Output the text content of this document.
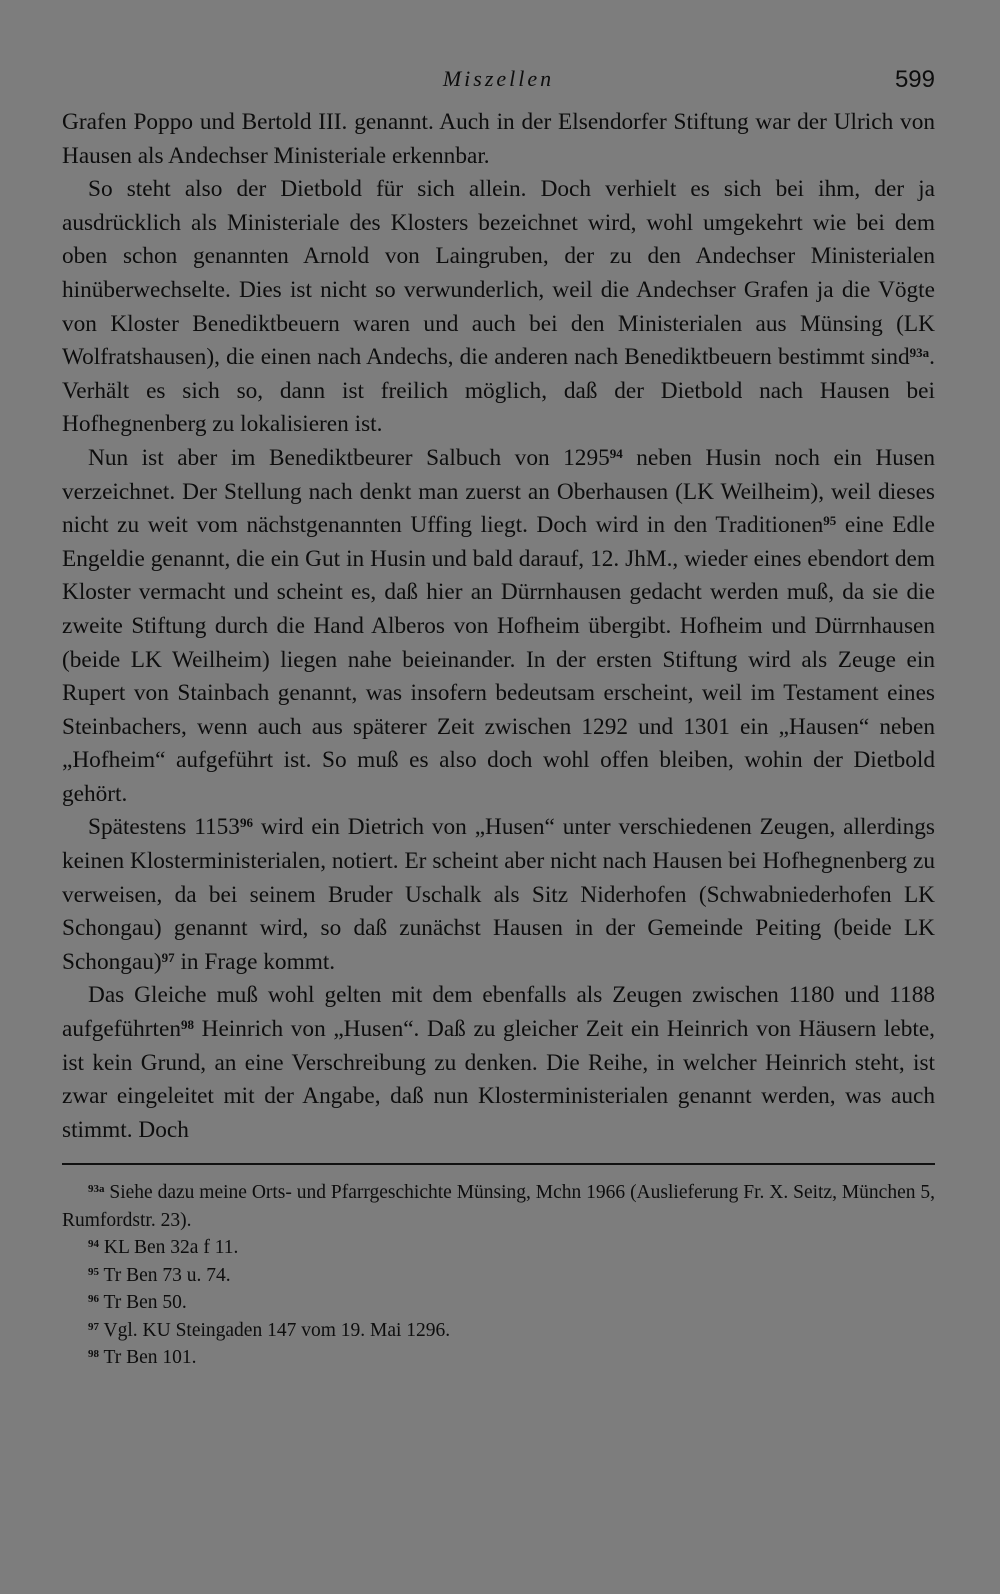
Miszellen	599

Grafen Poppo und Bertold III. genannt. Auch in der Elsendorfer Stiftung war der Ulrich von Hausen als Andechser Ministeriale erkennbar.

So steht also der Dietbold für sich allein. Doch verhielt es sich bei ihm, der ja ausdrücklich als Ministeriale des Klosters bezeichnet wird, wohl umgekehrt wie bei dem oben schon genannten Arnold von Laingruben, der zu den Andechser Ministerialen hinüberwechselte. Dies ist nicht so verwunderlich, weil die Andechser Grafen ja die Vögte von Kloster Benediktbeuern waren und auch bei den Ministerialen aus Münsing (LK Wolfratshausen), die einen nach Andechs, die anderen nach Benediktbeuern bestimmt sind$^{93a}$. Verhält es sich so, dann ist freilich möglich, daß der Dietbold nach Hausen bei Hofhegnenberg zu lokalisieren ist.

Nun ist aber im Benediktbeurer Salbuch von 1295$^{94}$ neben Husin noch ein Husen verzeichnet. Der Stellung nach denkt man zuerst an Oberhausen (LK Weilheim), weil dieses nicht zu weit vom nächstgenannten Uffing liegt. Doch wird in den Traditionen$^{95}$ eine Edle Engeldie genannt, die ein Gut in Husin und bald darauf, 12. JhM., wieder eines ebendort dem Kloster vermacht und scheint es, daß hier an Dürrnhausen gedacht werden muß, da sie die zweite Stiftung durch die Hand Alberos von Hofheim übergibt. Hofheim und Dürrnhausen (beide LK Weilheim) liegen nahe beieinander. In der ersten Stiftung wird als Zeuge ein Rupert von Stainbach genannt, was insofern bedeutsam erscheint, weil im Testament eines Steinbachers, wenn auch aus späterer Zeit zwischen 1292 und 1301 ein „Hausen“ neben „Hofheim“ aufgeführt ist. So muß es also doch wohl offen bleiben, wohin der Dietbold gehört.

Spätestens 1153$^{96}$ wird ein Dietrich von „Husen“ unter verschiedenen Zeugen, allerdings keinen Klosterministerialen, notiert. Er scheint aber nicht nach Hausen bei Hofhegnenberg zu verweisen, da bei seinem Bruder Uschalk als Sitz Niderhofen (Schwabniederhofen LK Schongau) genannt wird, so daß zunächst Hausen in der Gemeinde Peiting (beide LK Schongau)$^{97}$ in Frage kommt.

Das Gleiche muß wohl gelten mit dem ebenfalls als Zeugen zwischen 1180 und 1188 aufgeführten$^{98}$ Heinrich von „Husen“. Daß zu gleicher Zeit ein Heinrich von Häusern lebte, ist kein Grund, an eine Verschreibung zu denken. Die Reihe, in welcher Heinrich steht, ist zwar eingeleitet mit der Angabe, daß nun Klosterministerialen genannt werden, was auch stimmt. Doch

$^{93a}$ Siehe dazu meine Orts- und Pfarrgeschichte Münsing, Mchn 1966 (Auslieferung Fr. X. Seitz, München 5, Rumfordstr. 23).

$^{94}$ KL Ben 32a f 11.

$^{95}$ Tr Ben 73 u. 74.

$^{96}$ Tr Ben 50.

$^{97}$ Vgl. KU Steingaden 147 vom 19. Mai 1296.

$^{98}$ Tr Ben 101.
